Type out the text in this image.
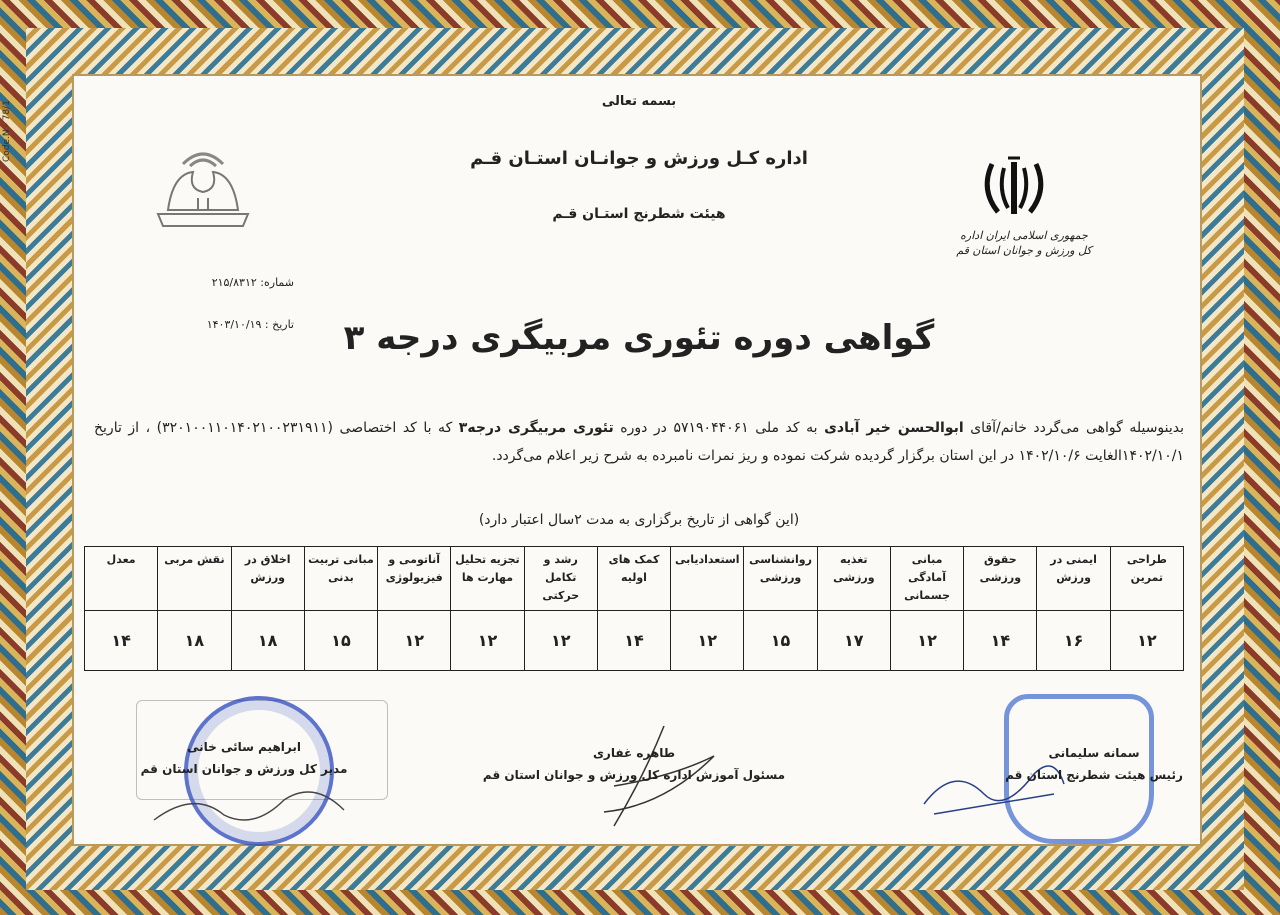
Code.N - 78/1	بسمه تعالی
اداره کـل ورزش و جوانـان استـان قـم
هیئت شطرنج استـان قـم
جمهوری اسلامی ایران اداره کل ورزش و جوانان استان قم
شماره: ۲۱۵/۸۳۱۲
تاریخ : ۱۴۰۳/۱۰/۱۹	گواهی دوره تئوری مربیگری درجه ۳
بدینوسیله گواهی می‌گردد خانم/آقای ابوالحسن خیر آبادی به کد ملی ۵۷۱۹۰۴۴۰۶۱ در دوره تئوری مربیگری درجه۳ که با کد اختصاصی (۳۲۰۱۰۰۱۱۰۱۴۰۲۱۰۰۲۳۱۹۱۱) ، از تاریخ ۱۴۰۲/۱۰/۱الغایت ۱۴۰۲/۱۰/۶ در این استان برگزار گردیده شرکت نموده و ریز نمرات نامبرده به شرح زیر اعلام می‌گردد.
(این گواهی از تاریخ برگزاری به مدت ۲سال اعتبار دارد)
طراحی تمرین	ایمنی در ورزش	حقوق ورزشی	مبانی آمادگی جسمانی	تغذیه ورزشی	روانشناسی ورزشی	استعدادیابی	کمک های اولیه	رشد و تکامل حرکتی	تجزیه تحلیل مهارت ها	آناتومی و فیزیولوژی	مبانی تربیت بدنی	اخلاق در ورزش	نقش مربی	معدل
۱۲	۱۶	۱۴	۱۲	۱۷	۱۵	۱۲	۱۴	۱۲	۱۲	۱۲	۱۵	۱۸	۱۸	۱۴
سمانه سلیمانی
رئیس هیئت شطرنج استان قم
طاهره غفاری
مسئول آموزش اداره کل ورزش و جوانان استان قم
ابراهیم سائی خانی
مدیر کل ورزش و جوانان استان قم
